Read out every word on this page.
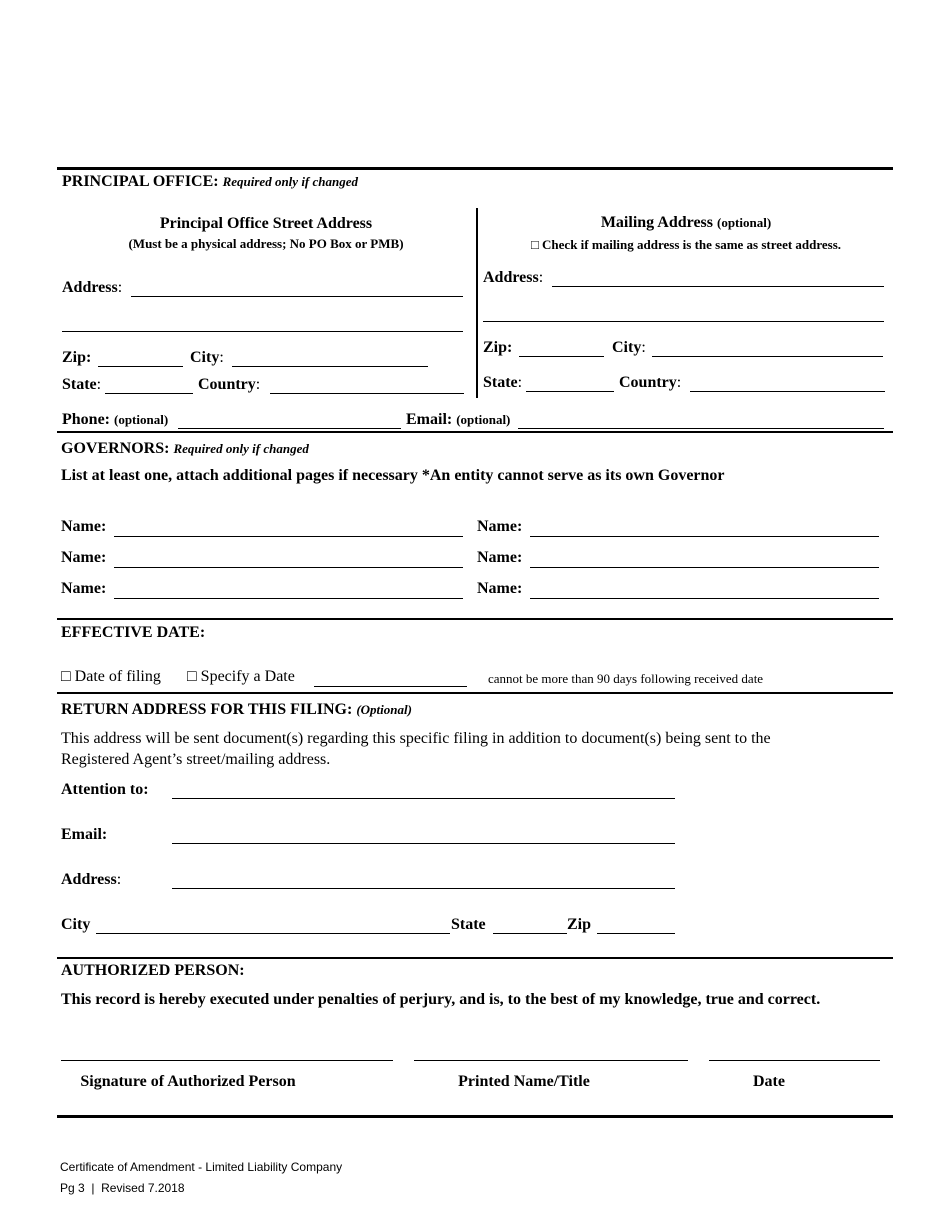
PRINCIPAL OFFICE: Required only if changed
Principal Office Street Address
(Must be a physical address; No PO Box or PMB)
Address:
Zip:	City:
State:	Country:
Mailing Address (optional)
□ Check if mailing address is the same as street address.
Address:
Zip:	City:
State:	Country:
Phone: (optional)	Email: (optional)
GOVERNORS: Required only if changed
List at least one, attach additional pages if necessary *An entity cannot serve as its own Governor
Name:	Name:
Name:	Name:
Name:	Name:
EFFECTIVE DATE:
□ Date of filing □ Specify a Date	cannot be more than 90 days following received date
RETURN ADDRESS FOR THIS FILING: (Optional)
This address will be sent document(s) regarding this specific filing in addition to document(s) being sent to the
Registered Agent’s street/mailing address.
Attention to:
Email:
Address:
City	State	Zip
AUTHORIZED PERSON:
This record is hereby executed under penalties of perjury, and is, to the best of my knowledge, true and correct.
Signature of Authorized Person	Printed Name/Title	Date
Certificate of Amendment - Limited Liability Company
Pg 3  |  Revised 7.2018
